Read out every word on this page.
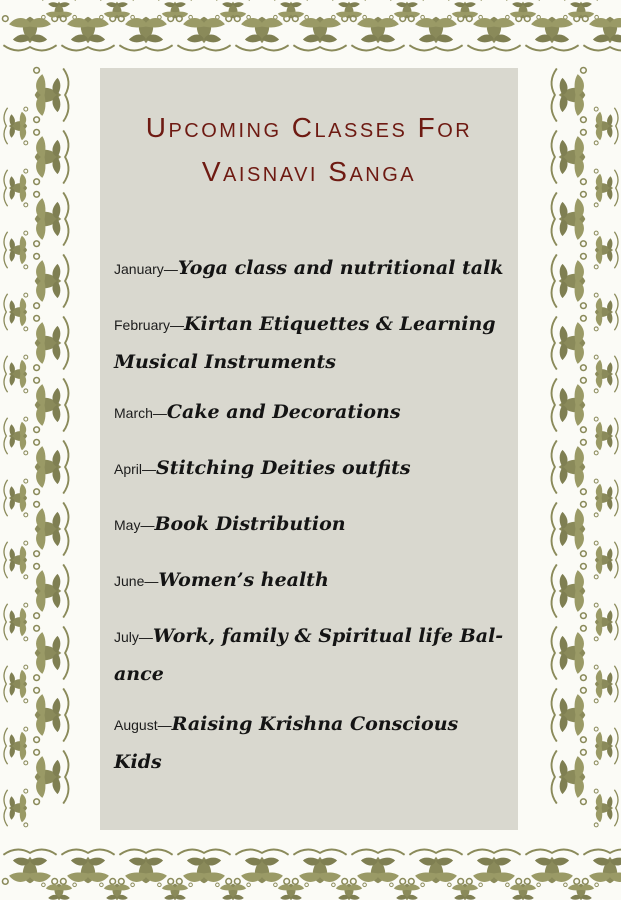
Upcoming Classes For
Vaisnavi Sanga
January—Yoga class and nutritional talk
February—Kirtan Etiquettes & Learning Musical Instruments
March—Cake and Decorations
April—Stitching Deities outfits
May—Book Distribution
June—Women’s health
July—Work, family & Spiritual life Bal-ance
August—Raising Krishna Conscious Kids
